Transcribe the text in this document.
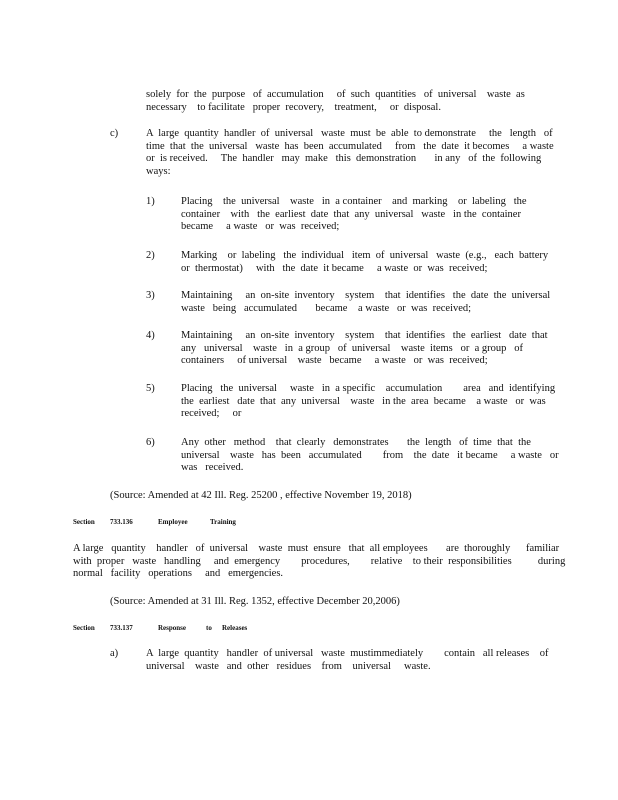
solely  for  the  purpose   of  accumulation     of  such  quantities   of  universal    waste  as
necessary    to facilitate   proper  recovery,    treatment,     or  disposal.

c)	A  large  quantity  handler  of  universal   waste  must  be  able  to demonstrate     the   length   of
time  that  the  universal   waste  has  been  accumulated     from   the  date  it becomes     a waste
or  is received.     The  handler   may  make   this  demonstration       in any   of  the  following
ways:

1)	Placing    the  universal    waste   in  a container    and  marking    or  labeling   the
container    with   the  earliest  date  that  any  universal   waste   in the  container
became     a waste   or  was  received;

2)	Marking    or  labeling   the  individual   item  of  universal   waste  (e.g.,   each  battery
or  thermostat)     with   the  date  it became     a waste  or  was  received;

3)	Maintaining     an  on-site  inventory    system    that  identifies   the  date  the  universal
waste   being   accumulated       became    a waste   or  was  received;

4)	Maintaining     an  on-site  inventory    system    that  identifies   the  earliest   date  that
any   universal    waste   in  a group   of  universal    waste  items   or  a group   of
containers     of universal    waste   became     a waste   or  was  received;

5)	Placing   the  universal     waste   in  a specific    accumulation        area   and  identifying
the  earliest   date  that  any  universal    waste   in the  area  became    a waste   or  was
received;     or

6)	Any  other   method    that  clearly   demonstrates       the  length   of  time  that  the
universal    waste   has  been   accumulated        from    the  date   it became     a waste   or
was   received.

(Source: Amended at 42 Ill. Reg. 25200 , effective November 19, 2018)
Section 733.136	Employee	Training

A large   quantity    handler   of  universal    waste  must  ensure   that  all employees       are  thoroughly      familiar
with  proper   waste   handling     and  emergency        procedures,        relative    to their  responsibilities          during
normal   facility   operations     and   emergencies.

(Source: Amended at 31 Ill. Reg. 1352, effective December 20,2006)
Section 733.137	Response	to Releases
a)	A  large  quantity   handler  of universal   waste  mustimmediately        contain   all releases    of
universal    waste   and  other   residues    from    universal     waste.
